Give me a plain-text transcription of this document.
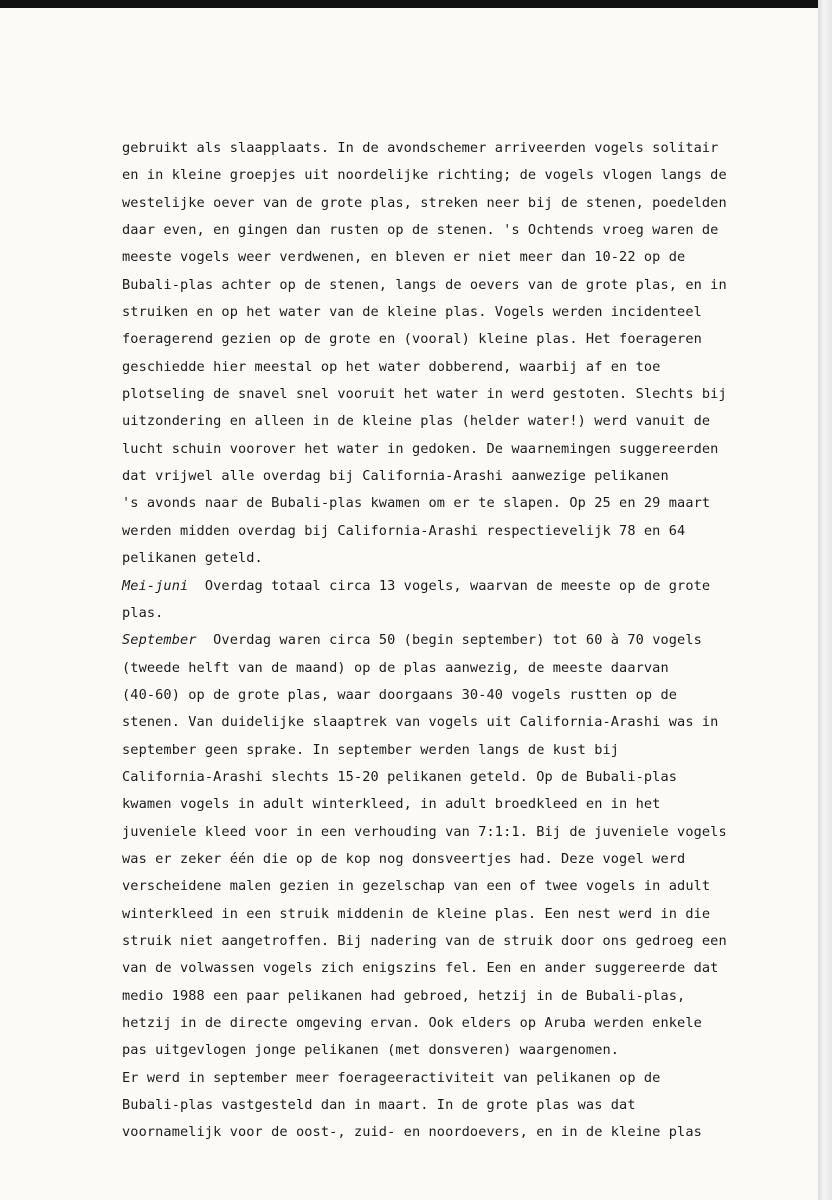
gebruikt als slaapplaats. In de avondschemer arriveerden vogels solitair
en in kleine groepjes uit noordelijke richting; de vogels vlogen langs de
westelijke oever van de grote plas, streken neer bij de stenen, poedelden
daar even, en gingen dan rusten op de stenen. 's Ochtends vroeg waren de
meeste vogels weer verdwenen, en bleven er niet meer dan 10-22 op de
Bubali-plas achter op de stenen, langs de oevers van de grote plas, en in
struiken en op het water van de kleine plas. Vogels werden incidenteel
foeragerend gezien op de grote en (vooral) kleine plas. Het foerageren
geschiedde hier meestal op het water dobberend, waarbij af en toe
plotseling de snavel snel vooruit het water in werd gestoten. Slechts bij
uitzondering en alleen in de kleine plas (helder water!) werd vanuit de
lucht schuin voorover het water in gedoken. De waarnemingen suggereerden
dat vrijwel alle overdag bij California-Arashi aanwezige pelikanen
's avonds naar de Bubali-plas kwamen om er te slapen. Op 25 en 29 maart
werden midden overdag bij California-Arashi respectievelijk 78 en 64
pelikanen geteld.
Mei-juni  Overdag totaal circa 13 vogels, waarvan de meeste op de grote
plas.
September  Overdag waren circa 50 (begin september) tot 60 à 70 vogels
(tweede helft van de maand) op de plas aanwezig, de meeste daarvan
(40-60) op de grote plas, waar doorgaans 30-40 vogels rustten op de
stenen. Van duidelijke slaaptrek van vogels uit California-Arashi was in
september geen sprake. In september werden langs de kust bij
California-Arashi slechts 15-20 pelikanen geteld. Op de Bubali-plas
kwamen vogels in adult winterkleed, in adult broedkleed en in het
juveniele kleed voor in een verhouding van 7:1:1. Bij de juveniele vogels
was er zeker één die op de kop nog donsveertjes had. Deze vogel werd
verscheidene malen gezien in gezelschap van een of twee vogels in adult
winterkleed in een struik middenin de kleine plas. Een nest werd in die
struik niet aangetroffen. Bij nadering van de struik door ons gedroeg een
van de volwassen vogels zich enigszins fel. Een en ander suggereerde dat
medio 1988 een paar pelikanen had gebroed, hetzij in de Bubali-plas,
hetzij in de directe omgeving ervan. Ook elders op Aruba werden enkele
pas uitgevlogen jonge pelikanen (met donsveren) waargenomen.
Er werd in september meer foerageeractiviteit van pelikanen op de
Bubali-plas vastgesteld dan in maart. In de grote plas was dat
voornamelijk voor de oost-, zuid- en noordoevers, en in de kleine plas
